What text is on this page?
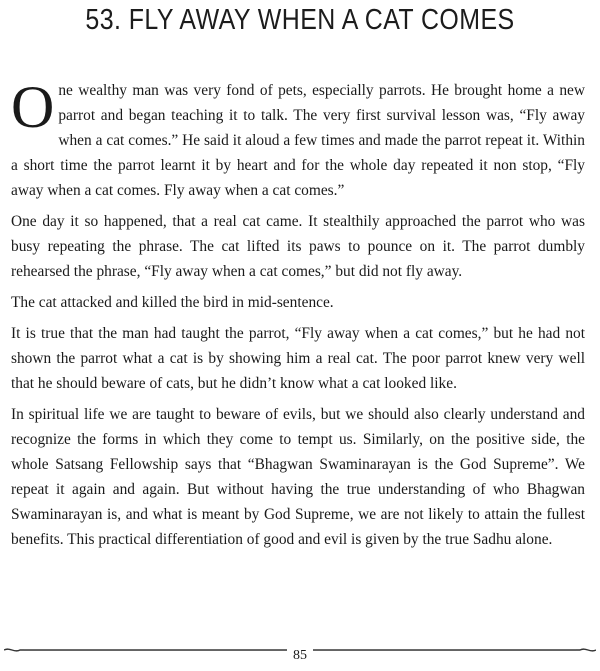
53. FLY AWAY WHEN A CAT COMES

One wealthy man was very fond of pets, especially parrots. He brought home a new parrot and began teaching it to talk. The very first survival lesson was, “Fly away when a cat comes.” He said it aloud a few times and made the parrot repeat it. Within a short time the parrot learnt it by heart and for the whole day repeated it non stop, “Fly away when a cat comes. Fly away when a cat comes.”

One day it so happened, that a real cat came. It stealthily approached the parrot who was busy repeating the phrase. The cat lifted its paws to pounce on it. The parrot dumbly rehearsed the phrase, “Fly away when a cat comes,” but did not fly away.

The cat attacked and killed the bird in mid-sentence.

It is true that the man had taught the parrot, “Fly away when a cat comes,” but he had not shown the parrot what a cat is by showing him a real cat. The poor parrot knew very well that he should beware of cats, but he didn’t know what a cat looked like.

In spiritual life we are taught to beware of evils, but we should also clearly understand and recognize the forms in which they come to tempt us. Similarly, on the positive side, the whole Satsang Fellowship says that “Bhagwan Swaminarayan is the God Supreme”. We repeat it again and again. But without having the true understanding of who Bhagwan Swaminarayan is, and what is meant by God Supreme, we are not likely to attain the fullest benefits. This practical differentiation of good and evil is given by the true Sadhu alone.

85
